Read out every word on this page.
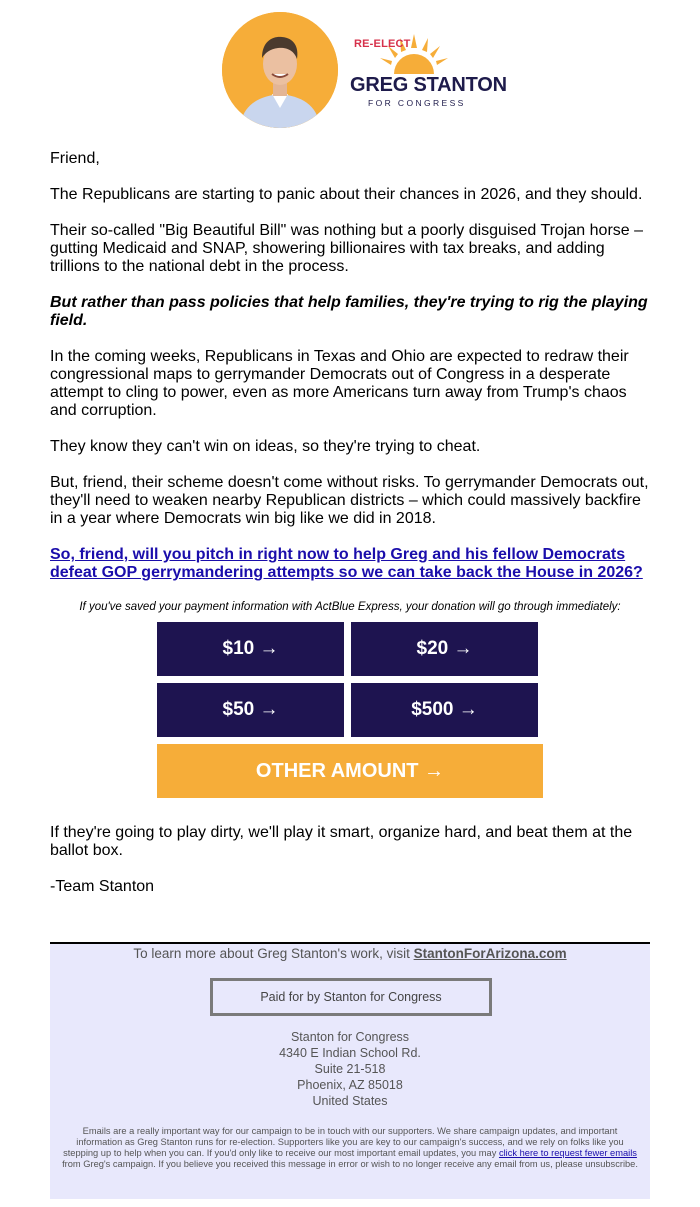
RE-ELECT
GREG STANTON
FOR CONGRESS

Friend,

The Republicans are starting to panic about their chances in 2026, and they should.

Their so-called "Big Beautiful Bill" was nothing but a poorly disguised Trojan horse – gutting Medicaid and SNAP, showering billionaires with tax breaks, and adding trillions to the national debt in the process.

But rather than pass policies that help families, they're trying to rig the playing field.

In the coming weeks, Republicans in Texas and Ohio are expected to redraw their congressional maps to gerrymander Democrats out of Congress in a desperate attempt to cling to power, even as more Americans turn away from Trump's chaos and corruption.

They know they can't win on ideas, so they're trying to cheat.

But, friend, their scheme doesn't come without risks. To gerrymander Democrats out, they'll need to weaken nearby Republican districts – which could massively backfire in a year where Democrats win big like we did in 2018.

So, friend, will you pitch in right now to help Greg and his fellow Democrats defeat GOP gerrymandering attempts so we can take back the House in 2026?

If you've saved your payment information with ActBlue Express, your donation will go through immediately:
$10 →	$20 →
$50 →	$500 →
OTHER AMOUNT →

If they're going to play dirty, we'll play it smart, organize hard, and beat them at the ballot box.

-Team Stanton

To learn more about Greg Stanton's work, visit StantonForArizona.com
Paid for by Stanton for Congress
Stanton for Congress
4340 E Indian School Rd.
Suite 21-518
Phoenix, AZ 85018
United States
Emails are a really important way for our campaign to be in touch with our supporters. We share campaign updates, and important information as Greg Stanton runs for re-election. Supporters like you are key to our campaign's success, and we rely on folks like you stepping up to help when you can. If you'd only like to receive our most important email updates, you may click here to request fewer emails from Greg's campaign. If you believe you received this message in error or wish to no longer receive any email from us, please unsubscribe.
